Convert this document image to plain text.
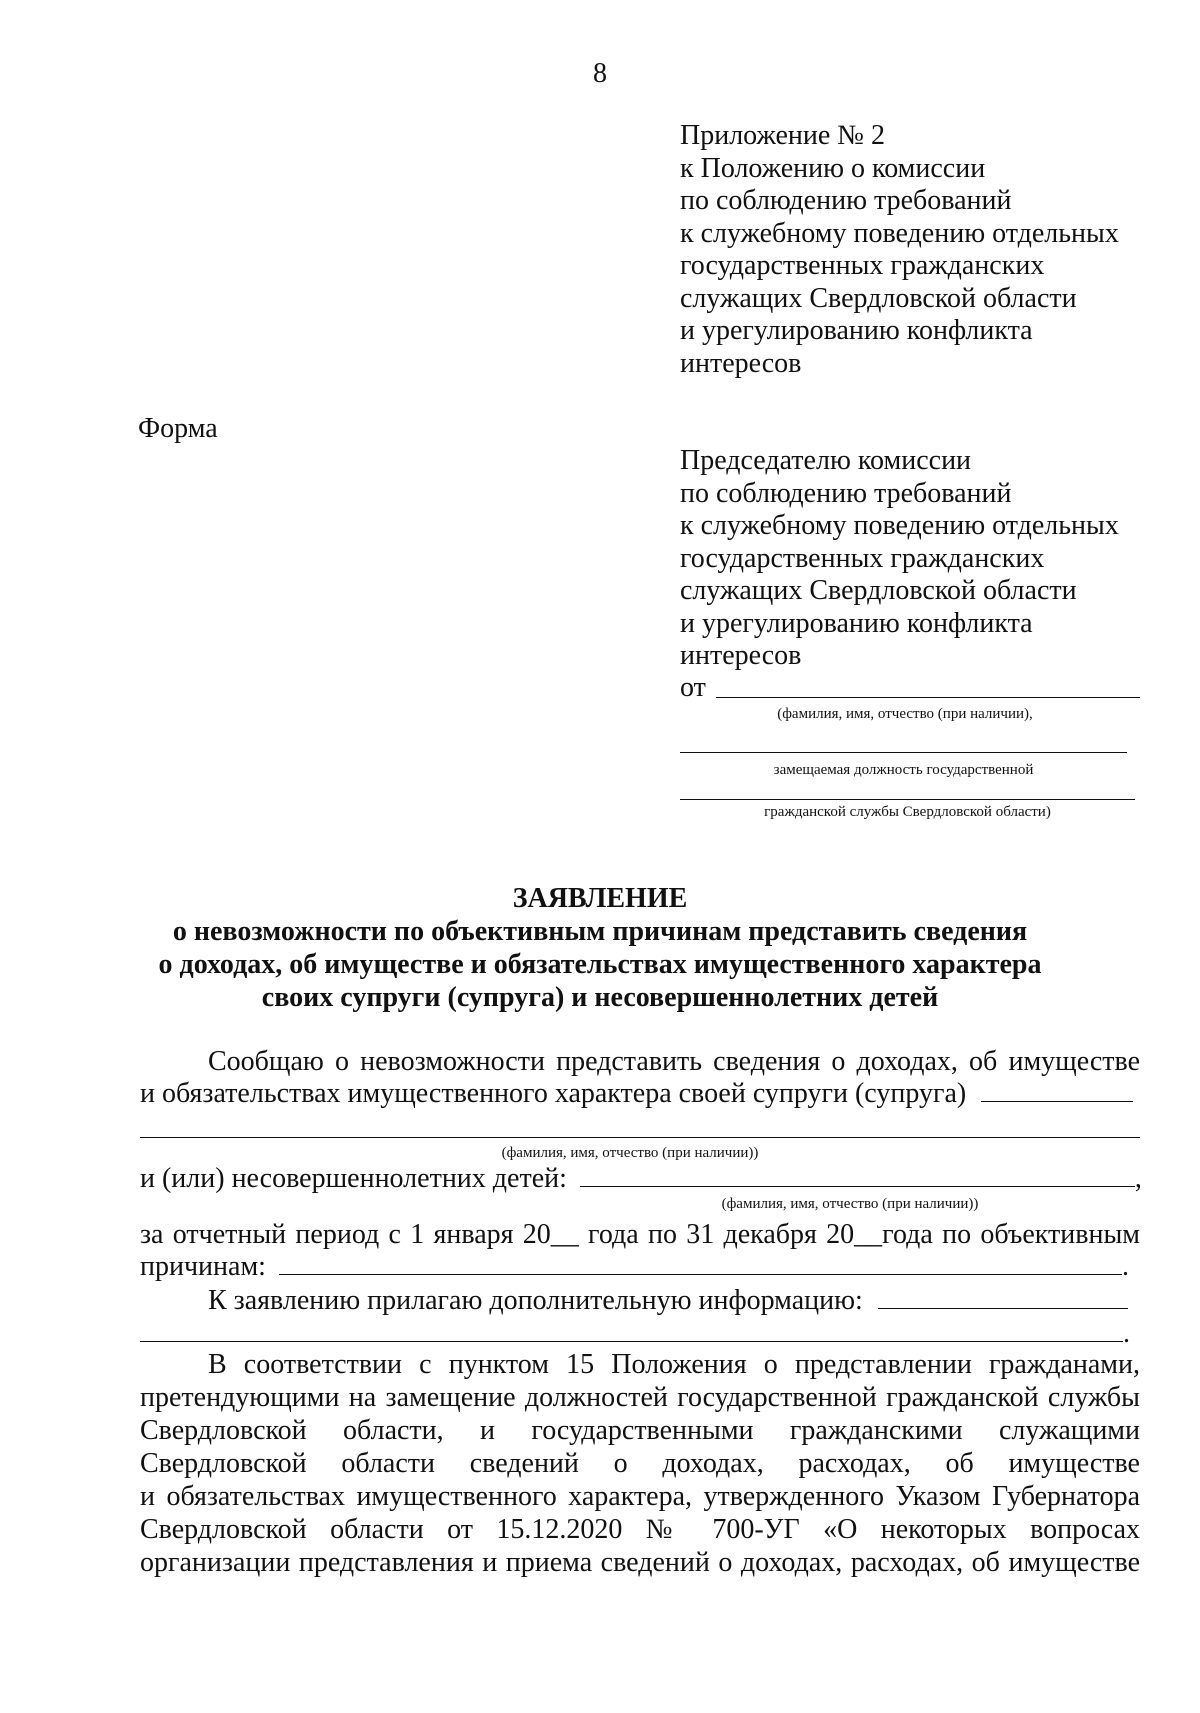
8
Приложение № 2
к Положению о комиссии
по соблюдению требований
к служебному поведению отдельных
государственных гражданских
служащих Свердловской области
и урегулированию конфликта
интересов
Форма
Председателю комиссии
по соблюдению требований
к служебному поведению отдельных
государственных гражданских
служащих Свердловской области
и урегулированию конфликта
интересов
от
(фамилия, имя, отчество (при наличии),
замещаемая должность государственной
гражданской службы Свердловской области)
ЗАЯВЛЕНИЕ
о невозможности по объективным причинам представить сведения
о доходах, об имуществе и обязательствах имущественного характера
своих супруги (супруга) и несовершеннолетних детей
Сообщаю о невозможности представить сведения о доходах, об имуществе
и обязательствах имущественного характера своей супруги (супруга)
(фамилия, имя, отчество (при наличии))
и (или) несовершеннолетних детей:	,
(фамилия, имя, отчество (при наличии))
за отчетный период с 1 января 20__ года по 31 декабря 20__года по объективным
причинам:	.
К заявлению прилагаю дополнительную информацию:
.
В соответствии с пунктом 15 Положения о представлении гражданами,
претендующими на замещение должностей государственной гражданской службы
Свердловской области, и государственными гражданскими служащими
Свердловской области сведений о доходах, расходах, об имуществе
и обязательствах имущественного характера, утвержденного Указом Губернатора
Свердловской области от 15.12.2020 № 700-УГ «О некоторых вопросах
организации представления и приема сведений о доходах, расходах, об имуществе
